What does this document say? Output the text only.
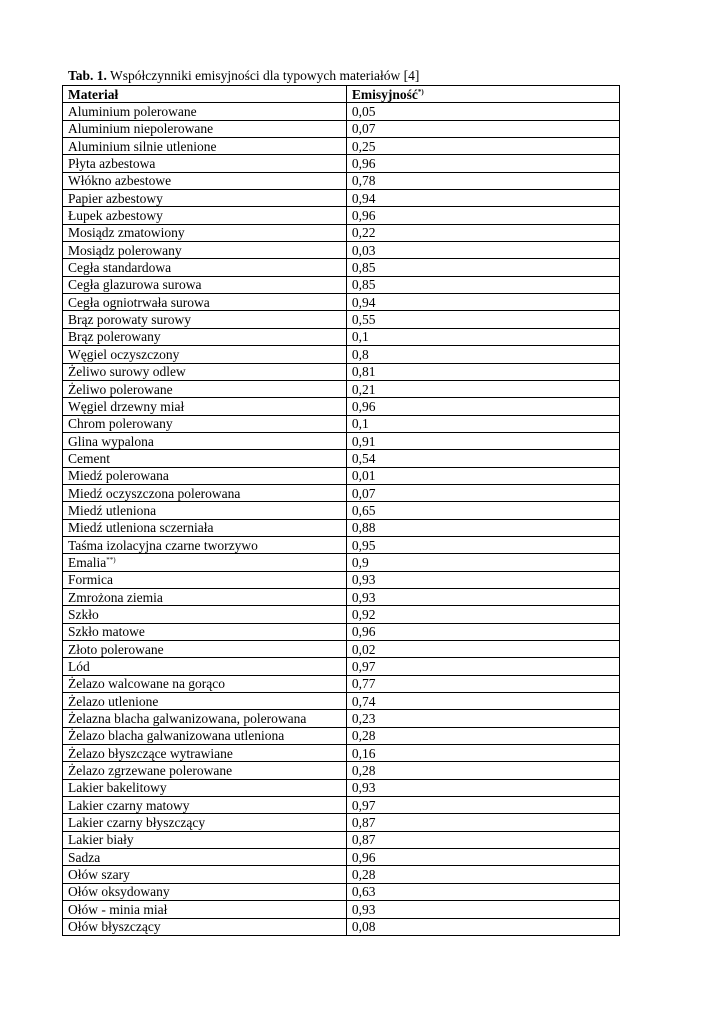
Tab. 1. Współczynniki emisyjności dla typowych materiałów [4]
Materiał	Emisyjność*)
Aluminium polerowane	0,05
Aluminium niepolerowane	0,07
Aluminium silnie utlenione	0,25
Płyta azbestowa	0,96
Włókno azbestowe	0,78
Papier azbestowy	0,94
Łupek azbestowy	0,96
Mosiądz zmatowiony	0,22
Mosiądz polerowany	0,03
Cegła standardowa	0,85
Cegła glazurowa surowa	0,85
Cegła ogniotrwała surowa	0,94
Brąz porowaty surowy	0,55
Brąz polerowany	0,1
Węgiel oczyszczony	0,8
Żeliwo surowy odlew	0,81
Żeliwo polerowane	0,21
Węgiel drzewny miał	0,96
Chrom polerowany	0,1
Glina wypalona	0,91
Cement	0,54
Miedź polerowana	0,01
Miedź oczyszczona polerowana	0,07
Miedź utleniona	0,65
Miedź utleniona sczerniała	0,88
Taśma izolacyjna czarne tworzywo	0,95
Emalia**)	0,9
Formica	0,93
Zmrożona ziemia	0,93
Szkło	0,92
Szkło matowe	0,96
Złoto polerowane	0,02
Lód	0,97
Żelazo walcowane na gorąco	0,77
Żelazo utlenione	0,74
Żelazna blacha galwanizowana, polerowana	0,23
Żelazo blacha galwanizowana utleniona	0,28
Żelazo błyszczące wytrawiane	0,16
Żelazo zgrzewane polerowane	0,28
Lakier bakelitowy	0,93
Lakier czarny matowy	0,97
Lakier czarny błyszczący	0,87
Lakier biały	0,87
Sadza	0,96
Ołów szary	0,28
Ołów oksydowany	0,63
Ołów - minia miał	0,93
Ołów błyszczący	0,08
